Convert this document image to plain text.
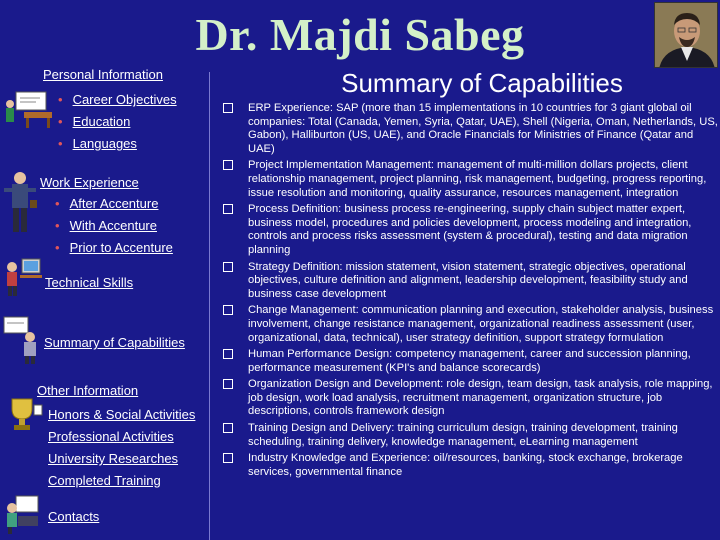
Dr. Majdi Sabeg
Personal Information
• Career Objectives
• Education
• Languages
Work Experience
• After Accenture
• With Accenture
• Prior to Accenture
Technical Skills
Summary of Capabilities
Other Information
Honors & Social Activities
Professional Activities
University Researches
Completed Training
Contacts
Summary of Capabilities
ERP Experience: SAP (more than 15 implementations in 10 countries for 3 giant global oil companies: Total (Canada, Yemen, Syria, Qatar, UAE), Shell (Nigeria, Oman, Netherlands, US, Gabon), Halliburton (US, UAE), and Oracle Financials for Ministries of Finance (Qatar and UAE)
Project Implementation Management: management of multi-million dollars projects, client relationship management, project planning, risk management, budgeting, progress reporting, issue resolution and monitoring, quality assurance, resources management, integration
Process Definition: business process re-engineering, supply chain subject matter expert, business model, procedures and policies development, process modeling and integration, controls and process risks assessment (system & procedural), testing and data migration planning
Strategy Definition: mission statement, vision statement, strategic objectives, operational objectives, culture definition and alignment, leadership development, feasibility study and business case development
Change Management: communication planning and execution, stakeholder analysis, business involvement, change resistance management, organizational readiness assessment (user, organizational, data, technical), user strategy definition, support strategy formulation
Human Performance Design: competency management, career and succession planning, performance measurement (KPI's and balance scorecards)
Organization Design and Development: role design, team design, task analysis, role mapping, job design, work load analysis, recruitment management, organization structure, job descriptions, controls framework design
Training Design and Delivery: training curriculum design, training development, training scheduling, training delivery, knowledge management, eLearning management
Industry Knowledge and Experience: oil/resources, banking, stock exchange, brokerage services, governmental finance
